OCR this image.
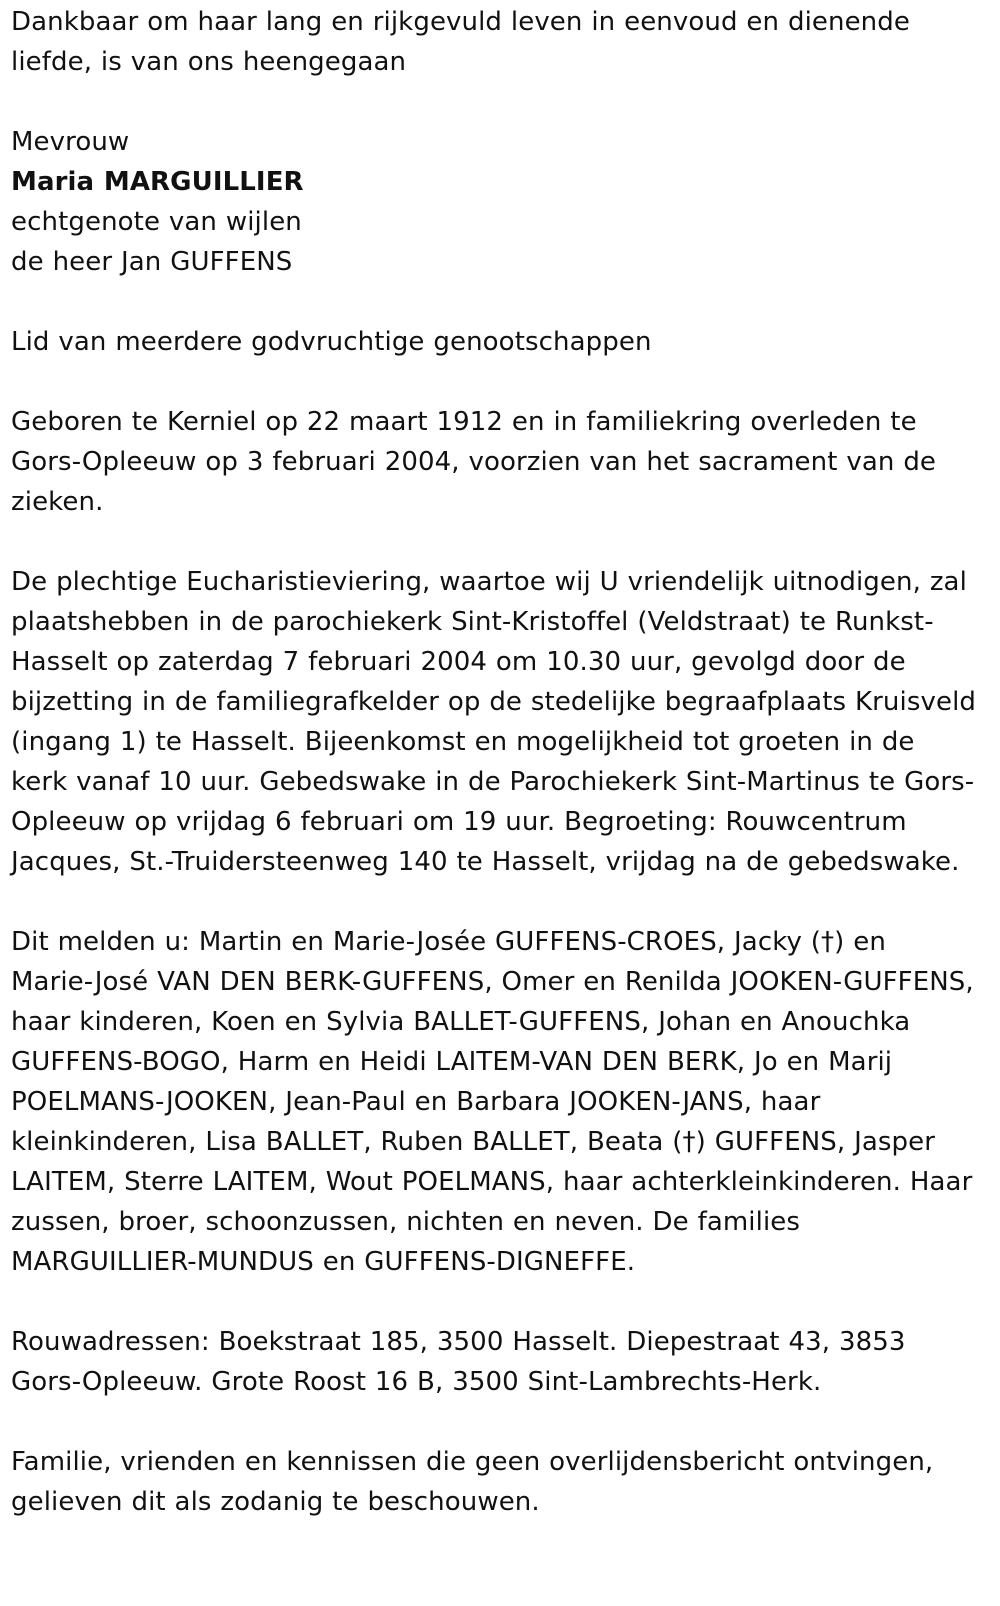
Dankbaar om haar lang en rijkgevuld leven in eenvoud en dienende liefde, is van ons heengegaan

Mevrouw

Maria MARGUILLIER

echtgenote van wijlen

de heer Jan GUFFENS

Lid van meerdere godvruchtige genootschappen

Geboren te Kerniel op 22 maart 1912 en in familiekring overleden te Gors-Opleeuw op 3 februari 2004, voorzien van het sacrament van de zieken.

De plechtige Eucharistieviering, waartoe wij U vriendelijk uitnodigen, zal plaatshebben in de parochiekerk Sint-Kristoffel (Veldstraat) te Runkst-Hasselt op zaterdag 7 februari 2004 om 10.30 uur, gevolgd door de bijzetting in de familiegrafkelder op de stedelijke begraafplaats Kruisveld (ingang 1) te Hasselt. Bijeenkomst en mogelijkheid tot groeten in de kerk vanaf 10 uur. Gebedswake in de Parochiekerk Sint-Martinus te Gors-Opleeuw op vrijdag 6 februari om 19 uur. Begroeting: Rouwcentrum Jacques, St.-Truidersteenweg 140 te Hasselt, vrijdag na de gebedswake.

Dit melden u: Martin en Marie-Josée GUFFENS-CROES, Jacky (†) en Marie-José VAN DEN BERK-GUFFENS, Omer en Renilda JOOKEN-GUFFENS, haar kinderen, Koen en Sylvia BALLET-GUFFENS, Johan en Anouchka GUFFENS-BOGO, Harm en Heidi LAITEM-VAN DEN BERK, Jo en Marij POELMANS-JOOKEN, Jean-Paul en Barbara JOOKEN-JANS, haar kleinkinderen, Lisa BALLET, Ruben BALLET, Beata (†) GUFFENS, Jasper LAITEM, Sterre LAITEM, Wout POELMANS, haar achterkleinkinderen. Haar zussen, broer, schoonzussen, nichten en neven. De families MARGUILLIER-MUNDUS en GUFFENS-DIGNEFFE.

Rouwadressen: Boekstraat 185, 3500 Hasselt. Diepestraat 43, 3853 Gors-Opleeuw. Grote Roost 16 B, 3500 Sint-Lambrechts-Herk.

Familie, vrienden en kennissen die geen overlijdensbericht ontvingen, gelieven dit als zodanig te beschouwen.
